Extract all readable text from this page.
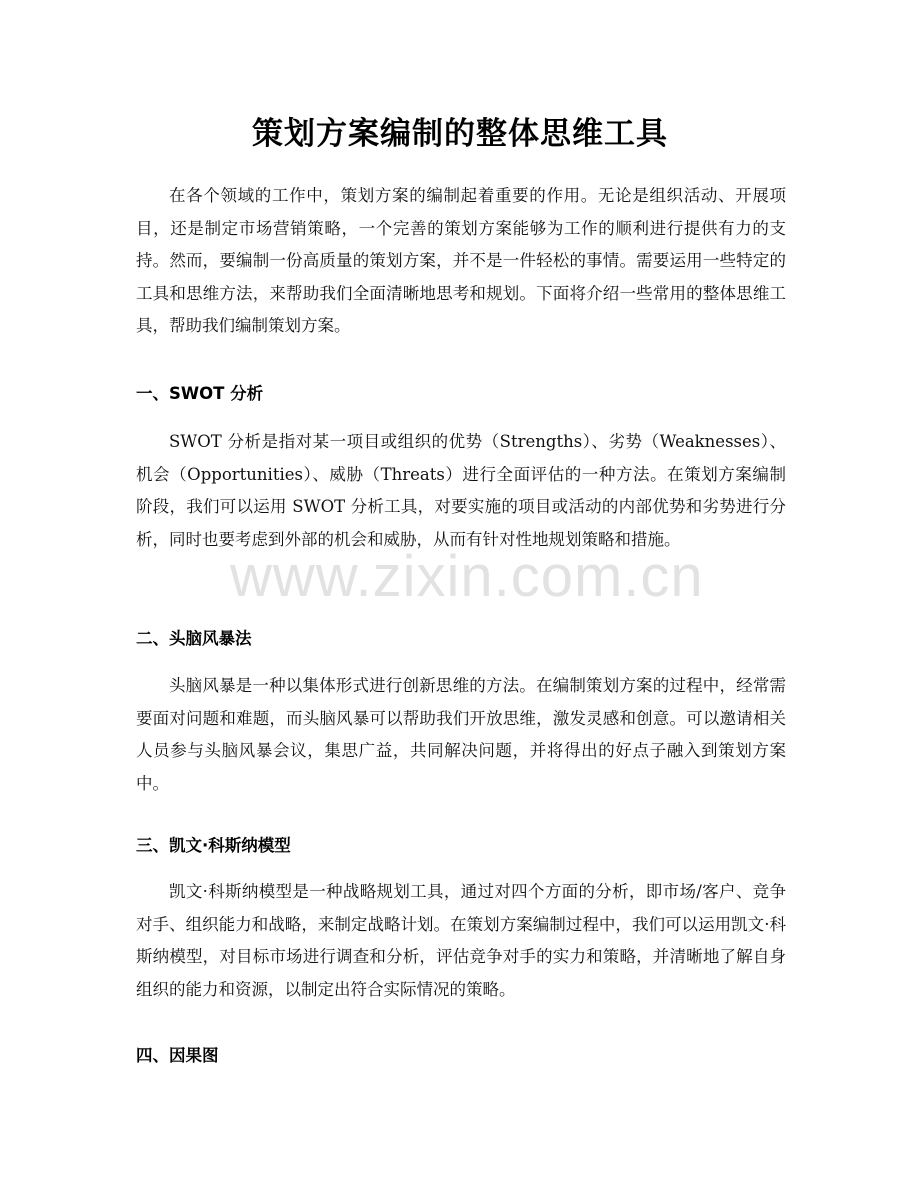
策划方案编制的整体思维工具

在各个领域的工作中，策划方案的编制起着重要的作用。无论是组织活动、开展项目，还是制定市场营销策略，一个完善的策划方案能够为工作的顺利进行提供有力的支持。然而，要编制一份高质量的策划方案，并不是一件轻松的事情。需要运用一些特定的工具和思维方法，来帮助我们全面清晰地思考和规划。下面将介绍一些常用的整体思维工具，帮助我们编制策划方案。

一、SWOT 分析

SWOT 分析是指对某一项目或组织的优势（Strengths）、劣势（Weaknesses）、机会（Opportunities）、威胁（Threats）进行全面评估的一种方法。在策划方案编制阶段，我们可以运用 SWOT 分析工具，对要实施的项目或活动的内部优势和劣势进行分析，同时也要考虑到外部的机会和威胁，从而有针对性地规划策略和措施。

二、头脑风暴法

头脑风暴是一种以集体形式进行创新思维的方法。在编制策划方案的过程中，经常需要面对问题和难题，而头脑风暴可以帮助我们开放思维，激发灵感和创意。可以邀请相关人员参与头脑风暴会议，集思广益，共同解决问题，并将得出的好点子融入到策划方案中。

三、凯文·科斯纳模型

凯文·科斯纳模型是一种战略规划工具，通过对四个方面的分析，即市场/客户、竞争对手、组织能力和战略，来制定战略计划。在策划方案编制过程中，我们可以运用凯文·科斯纳模型，对目标市场进行调查和分析，评估竞争对手的实力和策略，并清晰地了解自身组织的能力和资源，以制定出符合实际情况的策略。

四、因果图
www.zixin.com.cn
